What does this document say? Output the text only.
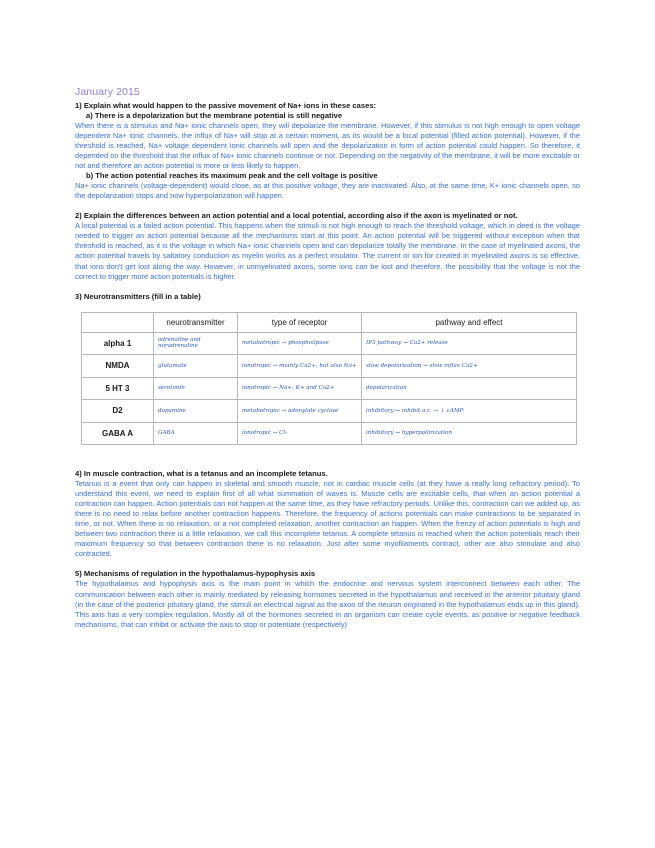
January 2015
1) Explain what would happen to the passive movement of Na+ ions in these cases:
a) There is a depolarization but the membrane potential is still negative
When there is a stimulus and Na+ ionic channels open, they will depolarize the membrane. However, if this stimulus is not high enough to open voltage dependent Na+ ionic channels, the influx of Na+ will stop at a certain moment, as its would be a local potential (filled action potential). However, if the threshold is reached, Na+ voltage dependent ionic channels will open and the depolarization in form of action potential could happen. So therefore, it depended on the threshold that the influx of Na+ ionic channels continue or not. Depending on the negativity of the membrane, it will be more excitable or not and therefore an action potential is more or less likely to happen.
b) The action potential reaches its maximum peak and the cell voltage is positive
Na+ ionic channels (voltage-dependent) would close, as at this positive voltage, they are inactivated. Also, at the same time, K+ ionic channels open, so the depolarization stops and now hyperpolarization will happen.
2) Explain the differences between an action potential and a local potential, according also if the axon is myelinated or not.
A local potential is a failed action potential. This happens when the stimuli is not high enough to reach the threshold voltage, which in deed is the voltage needed to trigger an action potential because all the mechanisms start at this point. An action potential will be triggered without exception when that threshold is reached, as it is the voltage in which Na+ ionic channels open and can depolarize totally the membrane. In the case of myelinated axons, the action potential travels by saltatory conduction as myelin works as a perfect insulator. The current or ion for created in myelinated axons is so effective, that ions don't get lost along the way. However, in unmyelinated axons, some ions can be lost and therefore, the possibility that the voltage is not the correct to trigger more action potentials is higher.
3) Neurotransmitters (fill in a table)
	neurotransmitter	type of receptor	pathway and effect
alpha 1	adrenaline and noradrenaline	metabotropic → phospholipase	IP3 pathway → Ca2+ release
NMDA	glutamate	ionotropic → mainly Ca2+, but also Na+	slow depolarization → slow influx Ca2+
5 HT 3	serotonin	ionotropic → Na+, K+ and Ca2+	depolarization
D2	dopamine	metabotropic → adenylate cyclase	inhibitory → inhibit a.c. → ↓ cAMP
GABA A	GABA	ionotropic → Cl-	inhibitory → hyperpolarization
4) In muscle contraction, what is a tetanus and an incomplete tetanus.
Tetanus is a event that only can happen in skeletal and smooth muscle, not in cardiac muscle cells (at they have a really long refractory period). To understand this event, we need to explain first of all what summation of waves is. Muscle cells are excitable cells, that when an action potential a contraction can happen. Action potentials can not happen at the same time, as they have refractory periods. Unlike this, contraction can we added up, as there is no need to relax before another contraction happens. Therefore, the frequency of actions potentials can make contractions to be separated in time, or not. When there is no relaxation, or a not completed relaxation, another contraction an happen. When the frenzy of action potentials is high and between two contraction there is a little relaxation, we call this incomplete tetanus. A complete tetanus is reached when the action potentials reach their maximum frequency so that between contraction there is no relaxation. Just after some myofilaments contract, other are also stimulate and also contracted.
5) Mechanisms of regulation in the hypothalamus-hypophysis axis
The hypothalamus and hypophysis axis is the main point in which the endocrine and nervous system interconnect between each other. The communication between each other is mainly mediated by releasing hormones secreted in the hypothalamus and received in the anterior pituitary gland (in the case of the posterior pituitary gland, the stimuli an electrical signal as the axon of the neuron originated in the hypothalamus ends up in this gland). This axis has a very complex regulation. Mostly all of the hormones secreted in an organism can create cycle events, as positive or negative feedback mechanisms, that can inhibit or activate the axis to stop or potentiate (respectively)
